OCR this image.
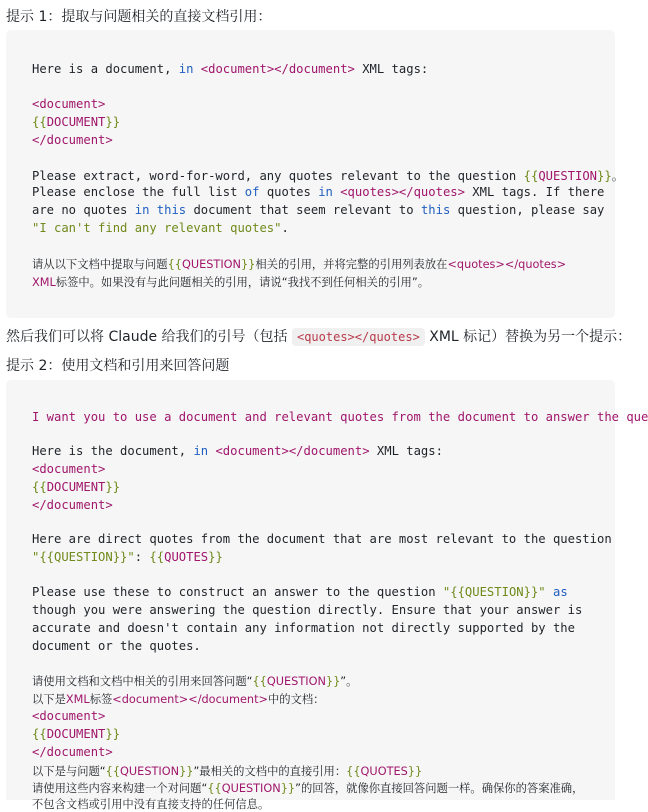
提示 1：提取与问题相关的直接文档引用：
Here is a document, in <document></document> XML tags:
<document>
{{DOCUMENT}}
</document>
Please extract, word-for-word, any quotes relevant to the question {{QUESTION}}。
Please enclose the full list of quotes in <quotes></quotes> XML tags. If there
are no quotes in this document that seem relevant to this question, please say
"I can't find any relevant quotes".
请从以下文档中提取与问题{{QUESTION}}相关的引用，并将完整的引用列表放在<quotes></quotes>
XML标签中。如果没有与此问题相关的引用，请说“我找不到任何相关的引用”。
然后我们可以将 Claude 给我们的引号（包括 <quotes></quotes> XML 标记）替换为另一个提示：
提示 2：使用文档和引用来回答问题
I want you to use a document and relevant quotes from the document to answer the que
Here is the document, in <document></document> XML tags:
<document>
{{DOCUMENT}}
</document>
Here are direct quotes from the document that are most relevant to the question
"{{QUESTION}}": {{QUOTES}}
Please use these to construct an answer to the question "{{QUESTION}}" as
though you were answering the question directly. Ensure that your answer is
accurate and doesn't contain any information not directly supported by the
document or the quotes.
请使用文档和文档中相关的引用来回答问题“{{QUESTION}}”。
以下是XML标签<document></document>中的文档：
<document>
{{DOCUMENT}}
</document>
以下是与问题“{{QUESTION}}”最相关的文档中的直接引用：{{QUOTES}}
请使用这些内容来构建一个对问题“{{QUESTION}}”的回答，就像你直接回答问题一样。确保你的答案准确，
不包含文档或引用中没有直接支持的任何信息。
